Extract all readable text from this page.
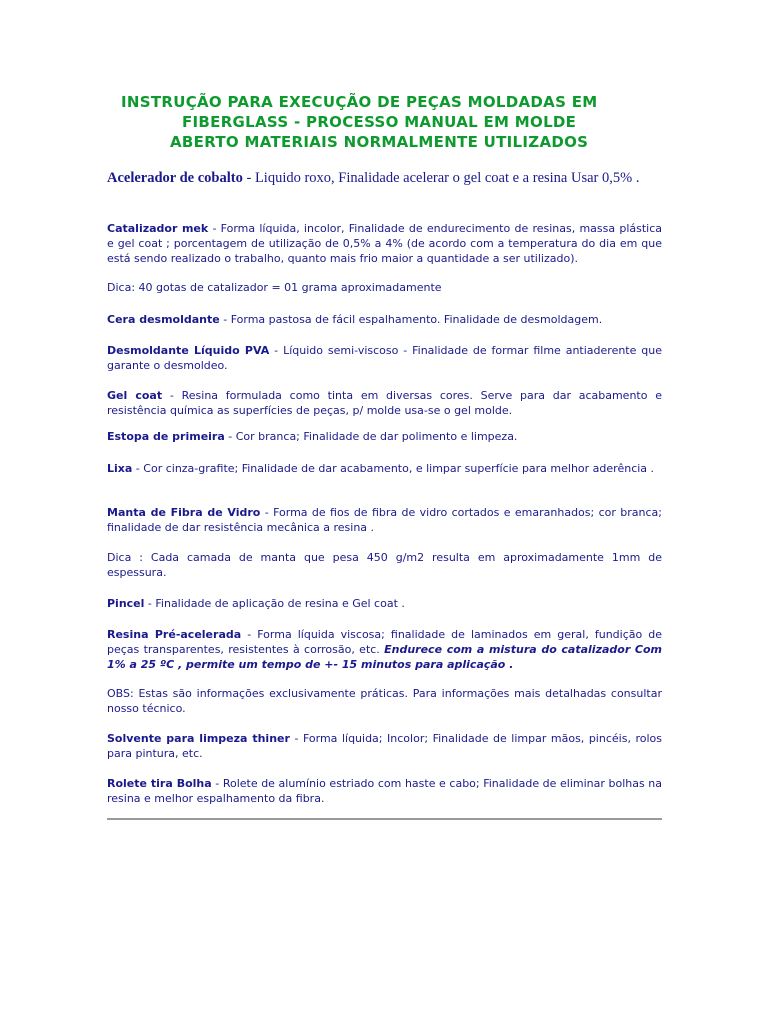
INSTRUÇÃO PARA EXECUÇÃO DE PEÇAS MOLDADAS EM
FIBERGLASS - PROCESSO MANUAL EM MOLDE
ABERTO MATERIAIS NORMALMENTE UTILIZADOS
Acelerador de cobalto - Liquido roxo, Finalidade acelerar o gel coat e a resina Usar 0,5% .
Catalizador mek - Forma líquida, incolor, Finalidade de endurecimento de resinas, massa plástica e gel coat ; porcentagem de utilização de 0,5% a 4% (de acordo com a temperatura do dia em que está sendo realizado o trabalho, quanto mais frio maior a quantidade a ser utilizado).
Dica: 40 gotas de catalizador = 01 grama aproximadamente
Cera desmoldante - Forma pastosa de fácil espalhamento. Finalidade de desmoldagem.
Desmoldante Líquido PVA - Líquido semi-viscoso - Finalidade de formar filme antiaderente que garante o desmoldeo.
Gel coat - Resina formulada como tinta em diversas cores. Serve para dar acabamento e resistência química as superfícies de peças, p/ molde usa-se o gel molde.
Estopa de primeira - Cor branca; Finalidade de dar polimento e limpeza.
Lixa - Cor cinza-grafite; Finalidade de dar acabamento, e limpar superfície para melhor aderência .
Manta de Fibra de Vidro - Forma de fios de fibra de vidro cortados e emaranhados; cor branca; finalidade de dar resistência mecânica a resina .
Dica : Cada camada de manta que pesa 450 g/m2 resulta em aproximadamente 1mm de espessura.
Pincel - Finalidade de aplicação de resina e Gel coat .
Resina Pré-acelerada - Forma líquida viscosa; finalidade de laminados em geral, fundição de peças transparentes, resistentes à corrosão, etc. Endurece com a mistura do catalizador Com 1% a 25 ºC , permite um tempo de +- 15 minutos para aplicação .
OBS: Estas são informações exclusivamente práticas. Para informações mais detalhadas consultar nosso técnico.
Solvente para limpeza thiner - Forma líquida; Incolor; Finalidade de limpar mãos, pincéis, rolos para pintura, etc.
Rolete tira Bolha - Rolete de alumínio estriado com haste e cabo; Finalidade de eliminar bolhas na resina e melhor espalhamento da fibra.
